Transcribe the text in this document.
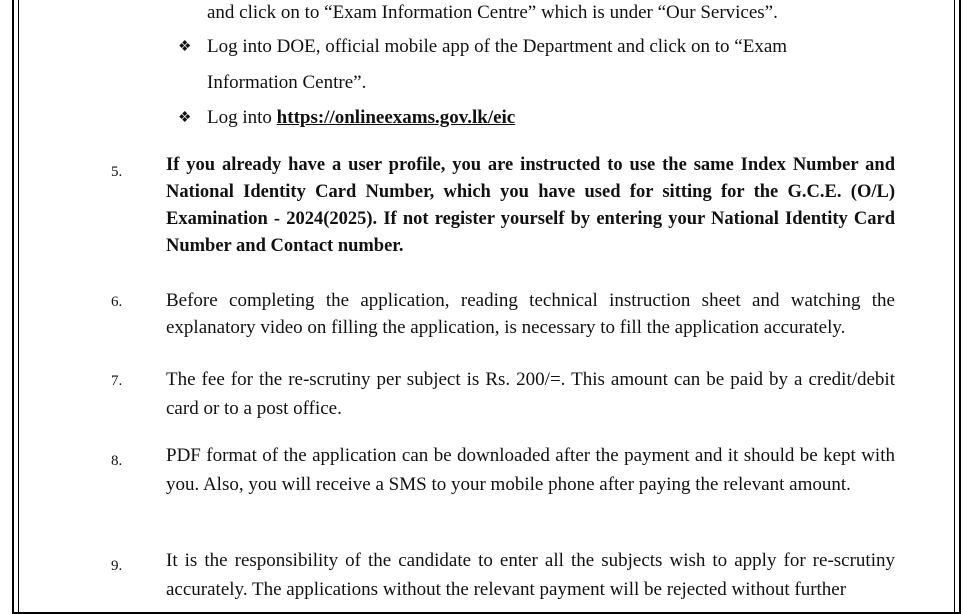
and click on to “Exam Information Centre” which is under “Our Services”.
❖ Log into DOE, official mobile app of the Department and click on to “Exam
Information Centre”.
❖ Log into https://onlineexams.gov.lk/eic
5. If you already have a user profile, you are instructed to use the same Index Number and National Identity Card Number, which you have used for sitting for the G.C.E. (O/L) Examination - 2024(2025). If not register yourself by entering your National Identity Card Number and Contact number.
6. Before completing the application, reading technical instruction sheet and watching the explanatory video on filling the application, is necessary to fill the application accurately.
7. The fee for the re-scrutiny per subject is Rs. 200/=. This amount can be paid by a credit/debit card or to a post office.
8. PDF format of the application can be downloaded after the payment and it should be kept with you. Also, you will receive a SMS to your mobile phone after paying the relevant amount.
9. It is the responsibility of the candidate to enter all the subjects wish to apply for re-scrutiny accurately. The applications without the relevant payment will be rejected without further
